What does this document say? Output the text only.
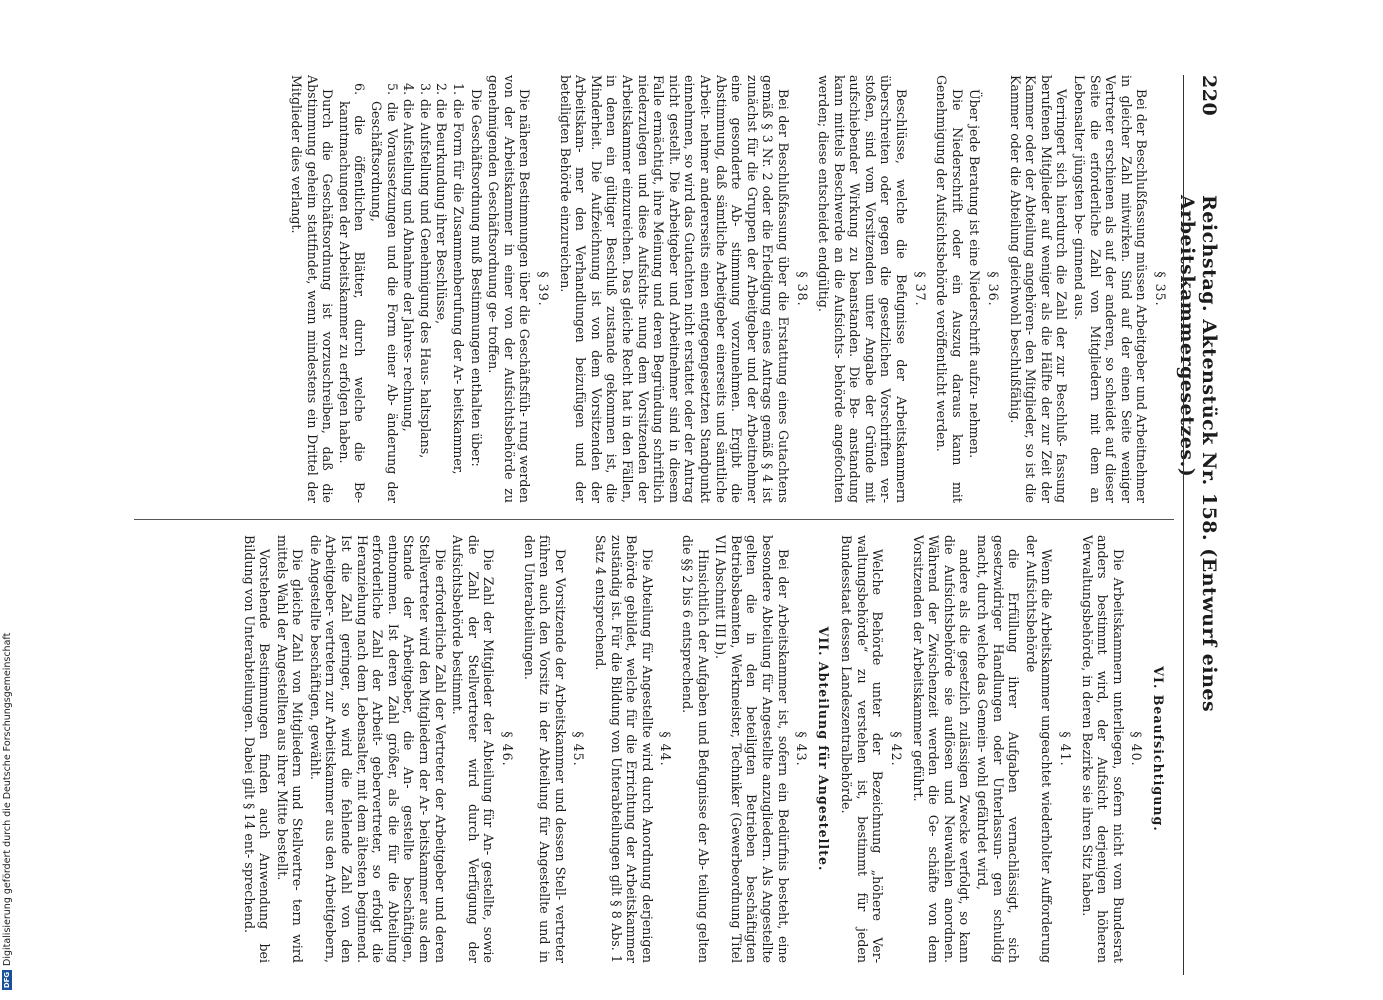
220
Reichstag. Aktenstück Nr. 158. (Entwurf eines Arbeitskammergesetzes.)
§ 35.

Bei der Beschlußfassung müssen Arbeitgeber und Arbeitnehmer in gleicher Zahl mitwirken. Sind auf der einen Seite weniger Vertreter erschienen als auf der anderen, so scheidet auf dieser Seite die erforderliche Zahl von Mitgliedern mit dem an Lebensalter jüngsten be- ginnend aus.

Verringert sich hierdurch die Zahl der zur Beschluß- fassung berufenen Mitglieder auf weniger als die Hälfte der zur Zeit der Kammer oder der Abteilung angehören- den Mitglieder, so ist die Kammer oder die Abteilung gleichwohl beschlußfähig.

§ 36.

Über jede Beratung ist eine Niederschrift aufzu- nehmen.

Die Niederschrift oder ein Auszug daraus kann mit Genehmigung der Aufsichtsbehörde veröffentlicht werden.

§ 37.

Beschlüsse, welche die Befugnisse der Arbeitskammern überschreiten oder gegen die gesetzlichen Vorschriften ver- stoßen, sind vom Vorsitzenden unter Angabe der Gründe mit aufschiebender Wirkung zu beanstanden. Die Be- anstandung kann mittels Beschwerde an die Aufsichts- behörde angefochten werden; diese entscheidet endgültig.

§ 38.

Bei der Beschlußfassung über die Erstattung eines Gutachtens gemäß § 3 Nr. 2 oder die Erledigung eines Antrags gemäß § 4 ist zunächst für die Gruppen der Arbeitgeber und der Arbeitnehmer eine gesonderte Ab- stimmung vorzunehmen. Ergibt die Abstimmung, daß sämtliche Arbeitgeber einerseits und sämtliche Arbeit- nehmer andererseits einen entgegengesetzten Standpunkt einnehmen, so wird das Gutachten nicht erstattet oder der Antrag nicht gestellt. Die Arbeitgeber und Arbeitnehmer sind in diesem Falle ermächtigt, ihre Meinung und deren Begründung schriftlich niederzulegen und diese Aufsichts- nung dem Vorsitzenden der Arbeitskammer einzureichen. Das gleiche Recht hat in den Fällen, in denen ein gültiger Beschluß zustande gekommen ist, die Minderheit. Die Aufzeichnung ist von dem Vorsitzenden der Arbeitskam- mer den Verhandlungen beizufügen und der beteiligten Behörde einzureichen.

§ 39.

Die näheren Bestimmungen über die Geschäftsfüh- rung werden von der Arbeitskammer in einer von der Aufsichtsbehörde zu genehmigenden Geschäftsordnung ge- troffen.

Die Geschäftsordnung muß Bestimmungen enthalten über:

1. die Form für die Zusammenberufung der Ar- beitskammer,
2. die Beurkundung ihrer Beschlüsse,
3. die Aufstellung und Genehmigung des Haus- haltsplans,
4. die Aufstellung und Abnahme der Jahres- rechnung,
5. die Voraussetzungen und die Form einer Ab- änderung der Geschäftsordnung,
6. die öffentlichen Blätter, durch welche die Be- kanntmachungen der Arbeitskammer zu erfolgen haben.

Durch die Geschäftsordnung ist vorzuschreiben, daß die Abstimmung geheim stattfindet, wenn mindestens ein Drittel der Mitglieder dies verlangt.

VI. Beaufsichtigung.
§ 40.

Die Arbeitskammern unterliegen, sofern nicht vom Bundesrat anders bestimmt wird, der Aufsicht derjenigen höheren Verwaltungsbehörde, in deren Bezirke sie ihren Sitz haben.

§ 41.

Wenn die Arbeitskammer ungeachtet wiederholter Aufforderung der Aufsichtsbehörde

die Erfüllung ihrer Aufgaben vernachlässigt, sich gesetzwidriger Handlungen oder Unterlassun- gen schuldig macht, durch welche das Gemein- wohl gefährdet wird,

andere als die gesetzlich zulässigen Zwecke verfolgt, so kann die Aufsichtsbehörde sie auflösen und Neuwahlen anordnen. Während der Zwischenzeit werden die Ge- schäfte von dem Vorsitzenden der Arbeitskammer geführt.

§ 42.

Welche Behörde unter der Bezeichnung „höhere Ver- waltungsbehörde“ zu verstehen ist, bestimmt für jeden Bundesstaat dessen Landeszentralbehörde.

VII. Abteilung für Angestellte.
§ 43.

Bei der Arbeitskammer ist, sofern ein Bedürfnis besteht, eine besondere Abteilung für Angestellte anzugliedern. Als Angestellte gelten die in den beteiligten Betrieben beschäftigten Betriebsbeamten, Werkmeister, Techniker (Gewerbeordnung Titel VII Abschnitt III b).

Hinsichtlich der Aufgaben und Befugnisse der Ab- teilung gelten die §§ 2 bis 6 entsprechend.

§ 44.

Die Abteilung für Angestellte wird durch Anordnung derjenigen Behörde gebildet, welche für die Errichtung der Arbeitskammer zuständig ist. Für die Bildung von Unterabteilungen gilt § 8 Abs. 1 Satz 4 entsprechend.

§ 45.

Der Vorsitzende der Arbeitskammer und dessen Stell- vertreter führen auch den Vorsitz in der Abteilung für Angestellte und in den Unterabteilungen.

§ 46.

Die Zahl der Mitglieder der Abteilung für An- gestellte, sowie die Zahl der Stellvertreter wird durch Verfügung der Aufsichtsbehörde bestimmt.

Die erforderliche Zahl der Vertreter der Arbeitgeber und deren Stellvertreter wird den Mitgliedern der Ar- beitskammer aus dem Stande der Arbeitgeber, die An- gestellte beschäftigen, entnommen. Ist deren Zahl größer, als die für die Abteilung erforderliche Zahl der Arbeit- gebervertreter, so erfolgt die Heranziehung nach dem Lebensalter, mit dem ältesten beginnend. Ist die Zahl geringer, so wird die fehlende Zahl von den Arbeitgeber- vertretern zur Arbeitskammer aus den Arbeitgebern, die Angestellte beschäftigen, gewählt.

Die gleiche Zahl von Mitgliedern und Stellvertre- tern wird mittels Wahl der Angestellten aus ihrer Mitte bestellt.

Vorstehende Bestimmungen finden auch Anwendung bei Bildung von Unterabteilungen. Dabei gilt § 14 ent- sprechend.

DFG
Digitalisierung gefördert durch die Deutsche Forschungsgemeinschaft
